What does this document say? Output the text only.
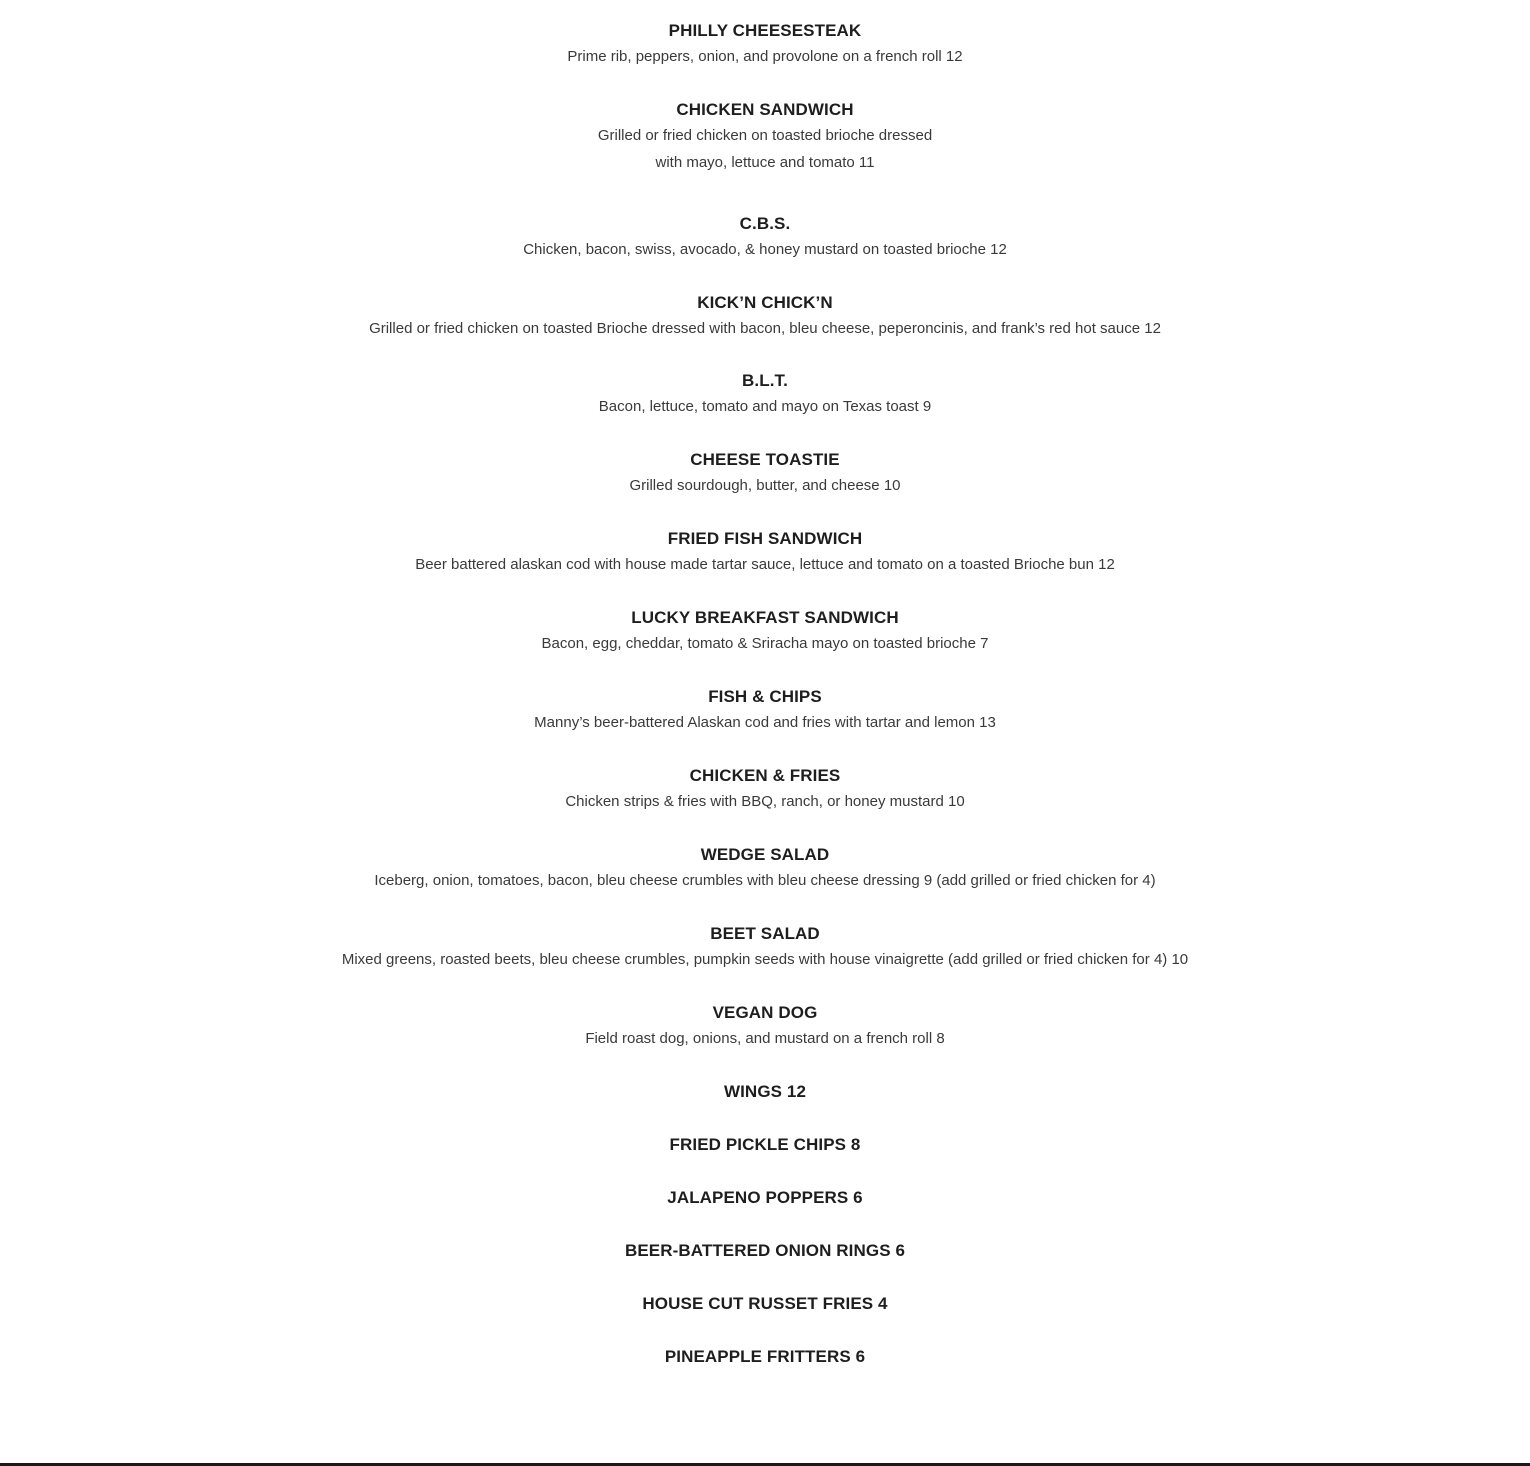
PHILLY CHEESESTEAK
Prime rib, peppers, onion, and provolone on a french roll 12
CHICKEN SANDWICH
Grilled or fried chicken on toasted brioche dressed
with mayo, lettuce and tomato 11
C.B.S.
Chicken, bacon, swiss, avocado, & honey mustard on toasted brioche 12
KICK’N CHICK’N
Grilled or fried chicken on toasted Brioche dressed with bacon, bleu cheese, peperoncinis, and frank’s red hot sauce 12
B.L.T.
Bacon, lettuce, tomato and mayo on Texas toast 9
CHEESE TOASTIE
Grilled sourdough, butter, and cheese 10
FRIED FISH SANDWICH
Beer battered alaskan cod with house made tartar sauce, lettuce and tomato on a toasted Brioche bun 12
LUCKY BREAKFAST SANDWICH
Bacon, egg, cheddar, tomato & Sriracha mayo on toasted brioche 7
FISH & CHIPS
Manny’s beer-battered Alaskan cod and fries with tartar and lemon 13
CHICKEN & FRIES
Chicken strips & fries with BBQ, ranch, or honey mustard 10
WEDGE SALAD
Iceberg, onion, tomatoes, bacon, bleu cheese crumbles with bleu cheese dressing 9 (add grilled or fried chicken for 4)
BEET SALAD
Mixed greens, roasted beets, bleu cheese crumbles, pumpkin seeds with house vinaigrette (add grilled or fried chicken for 4) 10
VEGAN DOG
Field roast dog, onions, and mustard on a french roll 8
WINGS 12
FRIED PICKLE CHIPS 8
JALAPENO POPPERS 6
BEER-BATTERED ONION RINGS 6
HOUSE CUT RUSSET FRIES 4
PINEAPPLE FRITTERS 6
